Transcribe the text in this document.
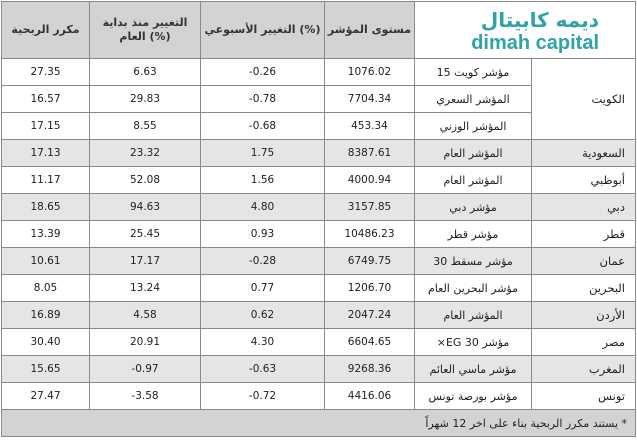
مكرر الربحية	التغيير منذ بداية العام (%)	التغيير الأسبوعي (%)	مستوى المؤشر	ديمه كابيتال
dimah capital	

27.35	6.63	-0.26	1076.02	مؤشر كويت 15	الكويت
16.57	29.83	-0.78	7704.34	المؤشر السعري	
17.15	8.55	-0.68	453.34	المؤشر الوزني	
17.13	23.32	1.75	8387.61	المؤشر العام	السعودية
11.17	52.08	1.56	4000.94	المؤشر العام	أبوظبي
18.65	94.63	4.80	3157.85	مؤشر دبي	دبي
13.39	25.45	0.93	10486.23	مؤشر قطر	قطر
10.61	17.17	-0.28	6749.75	مؤشر مسقط 30	عمان
8.05	13.24	0.77	1206.70	مؤشر البحرين العام	البحرين
16.89	4.58	0.62	2047.24	المؤشر العام	الأردن
30.40	20.91	4.30	6604.65	مؤشر EG 30×	مصر
15.65	-0.97	-0.63	9268.36	مؤشر ماسي العائم	المغرب
27.47	-3.58	-0.72	4416.06	مؤشر بورصة تونس	تونس
* يستند مكرر الربحية بناء على اخر 12 شهراً					
